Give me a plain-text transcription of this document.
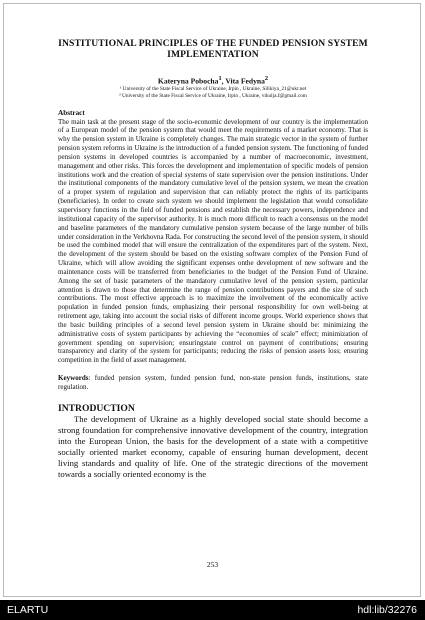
INSTITUTIONAL PRINCIPLES OF THE FUNDED PENSION SYSTEM
IMPLEMENTATION
Kateryna Pobocha$^1$, Vita Fedyna$^2$
¹ University of the State Fiscal Service of Ukraine, Irpin , Ukraine, Silikiya_21@ukr.net
² University of the State Fiscal Service of Ukraine, Irpin , Ukraine, vikulja.f@gmail.com
Abstract

The main task at the present stage of the socio-economic development of our country is the implementation of a European model of the pension system that would meet the requirements of a market economy. That is why the pension system in Ukraine is completely changes. The main strategic vector in the system of further pension system reforms in Ukraine is the introduction of a funded pension system. The functioning of funded pension systems in developed countries is accompanied by a number of macroeconomic, investment, management and other risks. This forces the development and implementation of specific models of pension institutions work and the creation of special systems of state supervision over the pension institutions. Under the institutional components of the mandatory cumulative level of the pension system, we mean the creation of a proper system of regulation and supervision that can reliably protect the rights of its participants (beneficiaries). In order to create such system we should implement the legislation that would consolidate supervisory functions in the field of funded pensions and establish the necessary powers, independence and institutional capacity of the supervisor authority. It is much more difficult to reach a consensus on the model and baseline parameters of the mandatory cumulative pension system because of the large number of bills under consideration in the Verkhovna Rada. For constructing the second level of the pension system, it should be used the combined model that will ensure the centralization of the expenditures part of the system. Next, the development of the system should be based on the existing software complex of the Pension Fund of Ukraine, which will allow avoiding the significant expenses onthe development of new software and the maintenance costs will be transferred from beneficiaries to the budget of the Pension Fund of Ukraine. Among the set of basic parameters of the mandatory cumulative level of the pension system, particular attention is drawn to those that determine the range of pension contributions payers and the size of such contributions. The most effective approach is to maximize the involvement of the economically active population in funded pension funds, emphasizing their personal responsibility for own well-being at retirement age, taking into account the social risks of different income groups. World experience shows that the basic building principles of a second level pension system in Ukraine should be: minimizing the administrative costs of system participants by achieving the “economies of scale” effect; minimization of government spending on supervision; ensuringstate control on payment of contributions; ensuring transparency and clarity of the system for participants; reducing the risks of pension assets loss; ensuring competition in the field of asset management.

Keywords: funded pension system, funded pension fund, non-state pension funds, institutions, state regulation.
INTRODUCTION

The development of Ukraine as a highly developed social state should become a strong foundation for comprehensive innovative development of the country, integration into the European Union, the basis for the development of a state with a competitive socially oriented market economy, capable of ensuring human development, decent living standards and quality of life. One of the strategic directions of the movement towards a socially oriented economy is the

253
ELARTU	hdl:lib/32276
